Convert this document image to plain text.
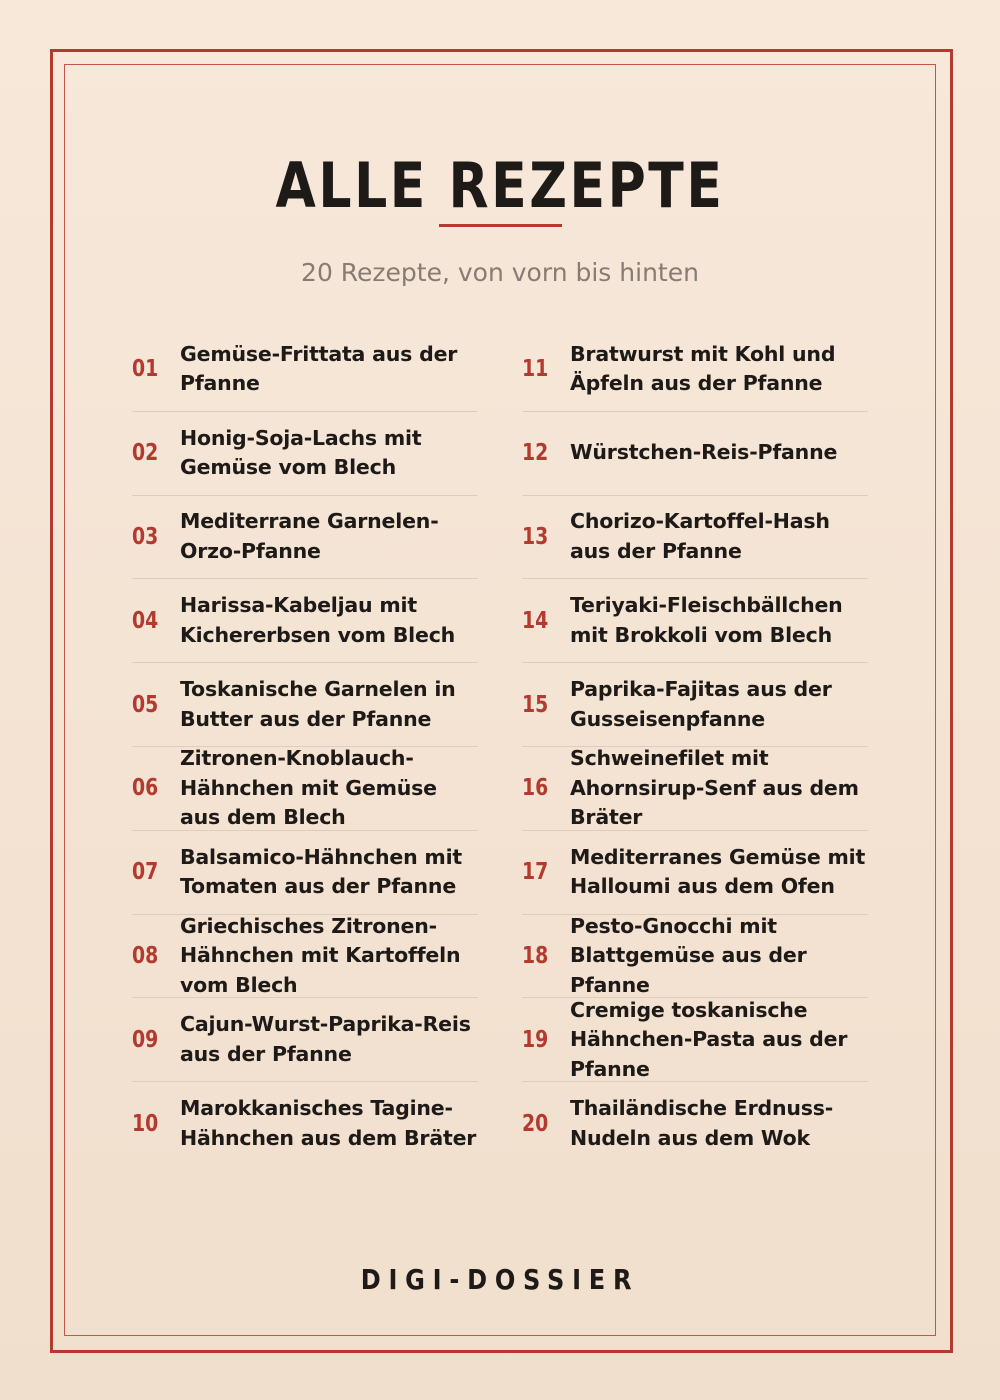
ALLE REZEPTE
20 Rezepte, von vorn bis hinten
01
Gemüse-Frittata aus der Pfanne
02
Honig-Soja-Lachs mit Gemüse vom Blech
03
Mediterrane Garnelen-Orzo-Pfanne
04
Harissa-Kabeljau mit Kichererbsen vom Blech
05
Toskanische Garnelen in Butter aus der Pfanne
06
Zitronen-Knoblauch-Hähnchen mit Gemüse aus dem Blech
07
Balsamico-Hähnchen mit Tomaten aus der Pfanne
08
Griechisches Zitronen-Hähnchen mit Kartoffeln vom Blech
09
Cajun-Wurst-Paprika-Reis aus der Pfanne
10
Marokkanisches Tagine-Hähnchen aus dem Bräter
11
Bratwurst mit Kohl und Äpfeln aus der Pfanne
12	Würstchen-Reis-Pfanne
13
Chorizo-Kartoffel-Hash aus der Pfanne
14
Teriyaki-Fleischbällchen mit Brokkoli vom Blech
15
Paprika-Fajitas aus der Gusseisenpfanne
16
Schweinefilet mit Ahornsirup-Senf aus dem Bräter
17
Mediterranes Gemüse mit Halloumi aus dem Ofen
18
Pesto-Gnocchi mit Blattgemüse aus der Pfanne
19
Cremige toskanische Hähnchen-Pasta aus der Pfanne
20
Thailändische Erdnuss-Nudeln aus dem Wok
DIGI-DOSSIER
